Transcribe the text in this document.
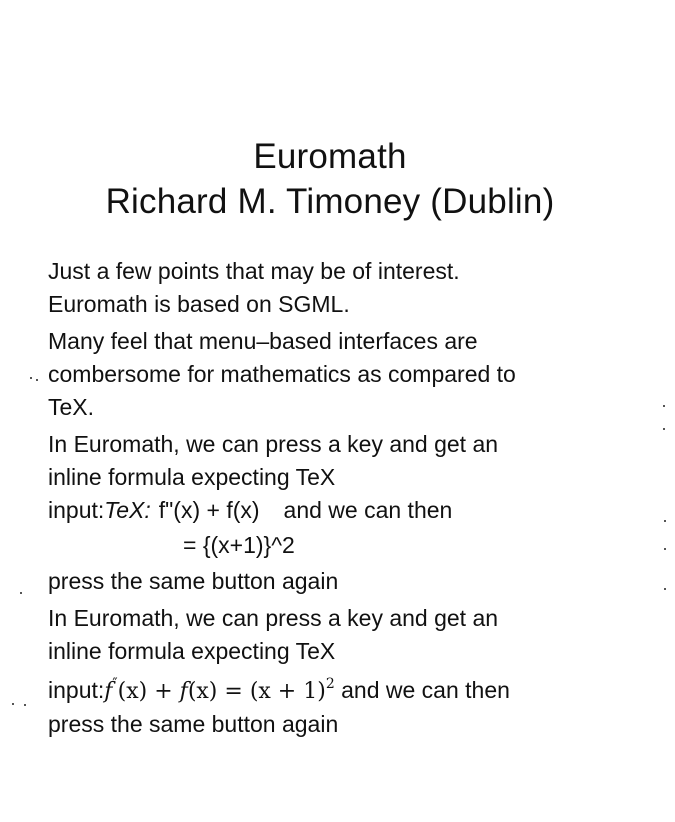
Euromath
Richard M. Timoney (Dublin)
Just a few points that may be of interest.
Euromath is based on SGML.
Many feel that menu–based interfaces are
combersome for mathematics as compared to
TeX.
In Euromath, we can press a key and get an
inline formula expecting TeX
input:TeX: f"(x) + f(x) and we can then
= {(x+1)}^2
press the same button again
In Euromath, we can press a key and get an
inline formula expecting TeX
input:f″(x) + $f(x) = (x + 1)^2$ and we can then
press the same button again
